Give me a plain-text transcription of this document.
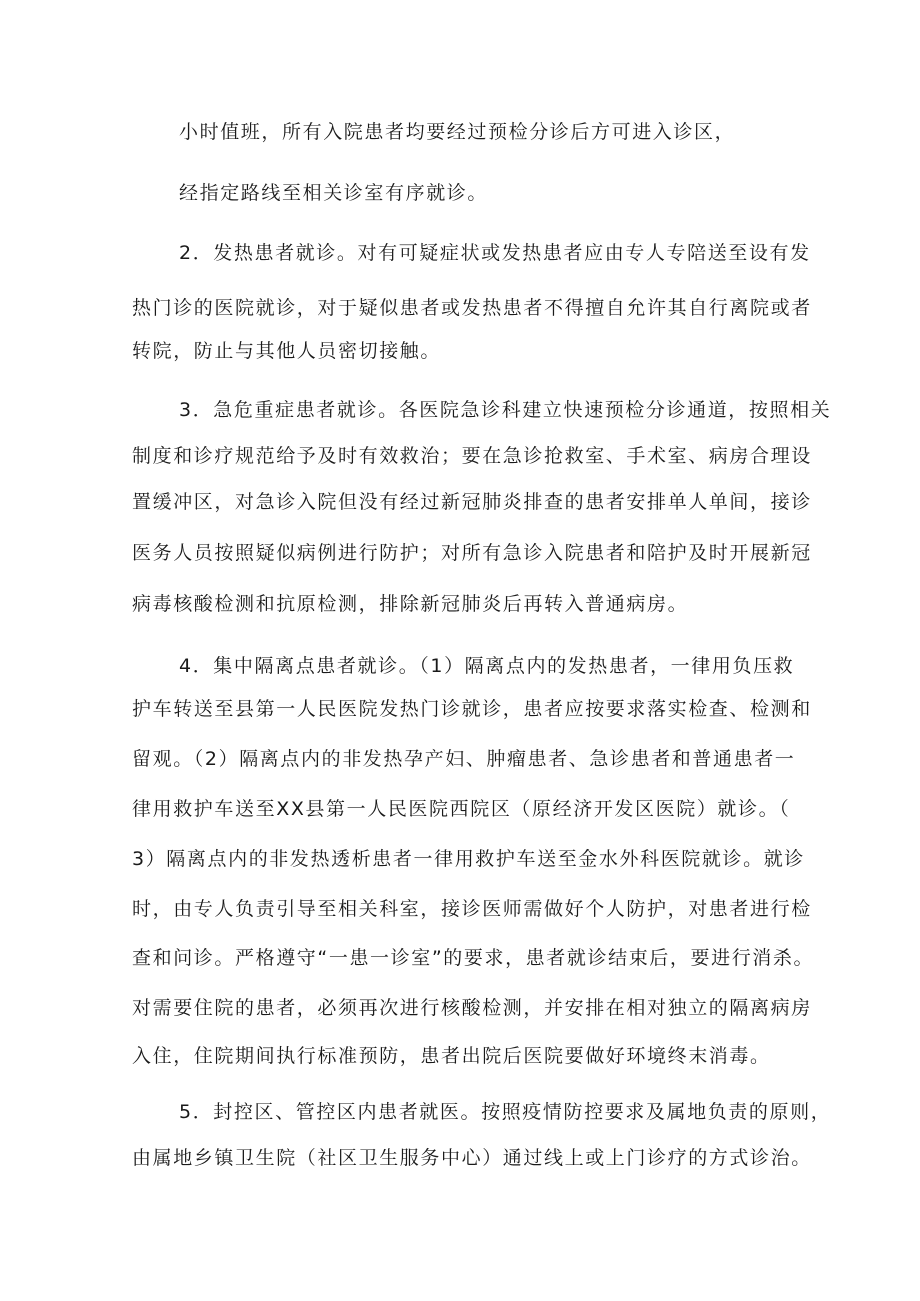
小时值班，所有入院患者均要经过预检分诊后方可进入诊区，
经指定路线至相关诊室有序就诊。
2．发热患者就诊。对有可疑症状或发热患者应由专人专陪送至设有发
热门诊的医院就诊，对于疑似患者或发热患者不得擅自允许其自行离院或者
转院，防止与其他人员密切接触。
3．急危重症患者就诊。各医院急诊科建立快速预检分诊通道，按照相关
制度和诊疗规范给予及时有效救治；要在急诊抢救室、手术室、病房合理设
置缓冲区，对急诊入院但没有经过新冠肺炎排查的患者安排单人单间，接诊
医务人员按照疑似病例进行防护；对所有急诊入院患者和陪护及时开展新冠
病毒核酸检测和抗原检测，排除新冠肺炎后再转入普通病房。
4．集中隔离点患者就诊。（1）隔离点内的发热患者，一律用负压救
护车转送至县第一人民医院发热门诊就诊，患者应按要求落实检查、检测和
留观。（2）隔离点内的非发热孕产妇、肿瘤患者、急诊患者和普通患者一
律用救护车送至XX县第一人民医院西院区（原经济开发区医院）就诊。（
3）隔离点内的非发热透析患者一律用救护车送至金水外科医院就诊。就诊
时，由专人负责引导至相关科室，接诊医师需做好个人防护，对患者进行检
查和问诊。严格遵守“一患一诊室”的要求，患者就诊结束后，要进行消杀。
对需要住院的患者，必须再次进行核酸检测，并安排在相对独立的隔离病房
入住，住院期间执行标准预防，患者出院后医院要做好环境终末消毒。
5．封控区、管控区内患者就医。按照疫情防控要求及属地负责的原则，
由属地乡镇卫生院（社区卫生服务中心）通过线上或上门诊疗的方式诊治。
